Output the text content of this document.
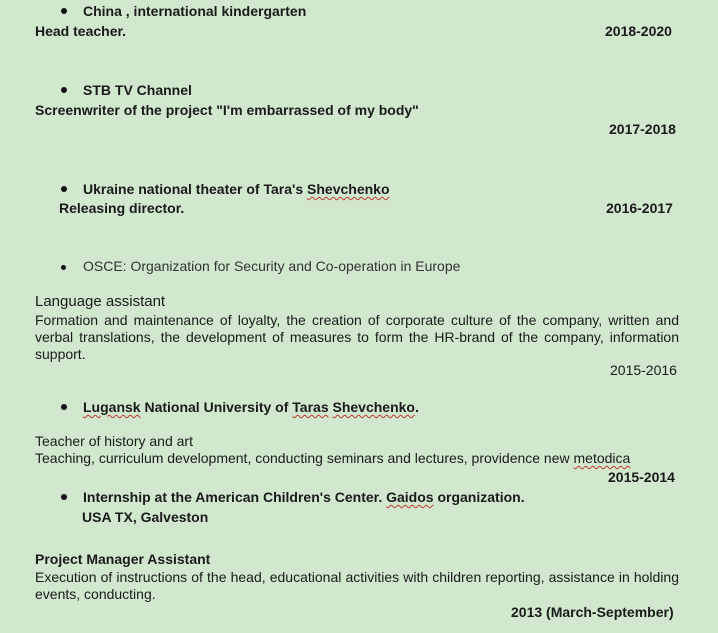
China , international kindergarten
Head teacher.	2018-2020
STB TV Channel
Screenwriter of the project "I'm embarrassed of my body"
2017-2018
Ukraine national theater of Tara's Shevchenko
Releasing director.	2016-2017
OSCE: Organization for Security and Co-operation in Europe
Language assistant
Formation and maintenance of loyalty, the creation of corporate culture of the company, written and verbal translations, the development of measures to form the HR-brand of the company, information support.
2015-2016
Lugansk National University of Taras Shevchenko.
Teacher of history and art
Teaching, curriculum development, conducting seminars and lectures, providence new metodica
2015-2014
Internship at the American Children's Center. Gaidos organization.
USA TX, Galveston
Project Manager Assistant
Execution of instructions of the head, educational activities with children reporting, assistance in holding events, conducting.
2013 (March-September)
